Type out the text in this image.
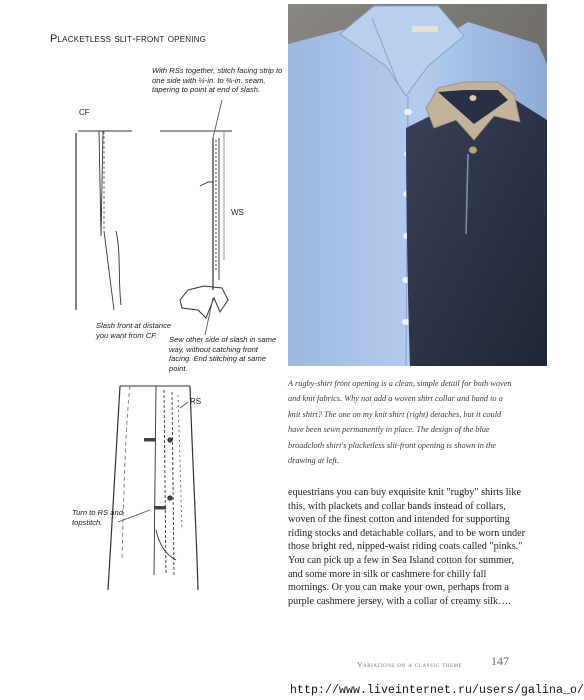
Placketless slit-front opening

With RSs together, stitch facing strip to one side with ¼-in. to ⅜-in. seam, tapering to point at end of slash.

Slash front at distance you want from CF.	Sew other side of slash in same way, without catching front facing. End stitching at same point.

Turn to RS and topstitch.

CF
WS
RS

A rugby-shirt front opening is a clean, simple detail for both woven and knit fabrics. Why not add a woven shirt collar and band to a knit shirt? The one on my knit shirt (right) detaches, but it could have been sewn permanently in place. The design of the blue broadcloth shirt's placketless slit-front opening is shown in the drawing at left.

equestrians you can buy exquisite knit "rugby" shirts like this, with plackets and collar bands instead of collars, woven of the finest cotton and intended for supporting riding stocks and detachable collars, and to be worn under those bright red, nipped-waist riding coats called "pinks." You can pick up a few in Sea Island cotton for summer, and some more in silk or cashmere for chilly fall mornings. Or you can make your own, perhaps from a purple cashmere jersey, with a collar of creamy silk….

Variations on a classic theme 147
http://www.liveinternet.ru/users/galina_o/
